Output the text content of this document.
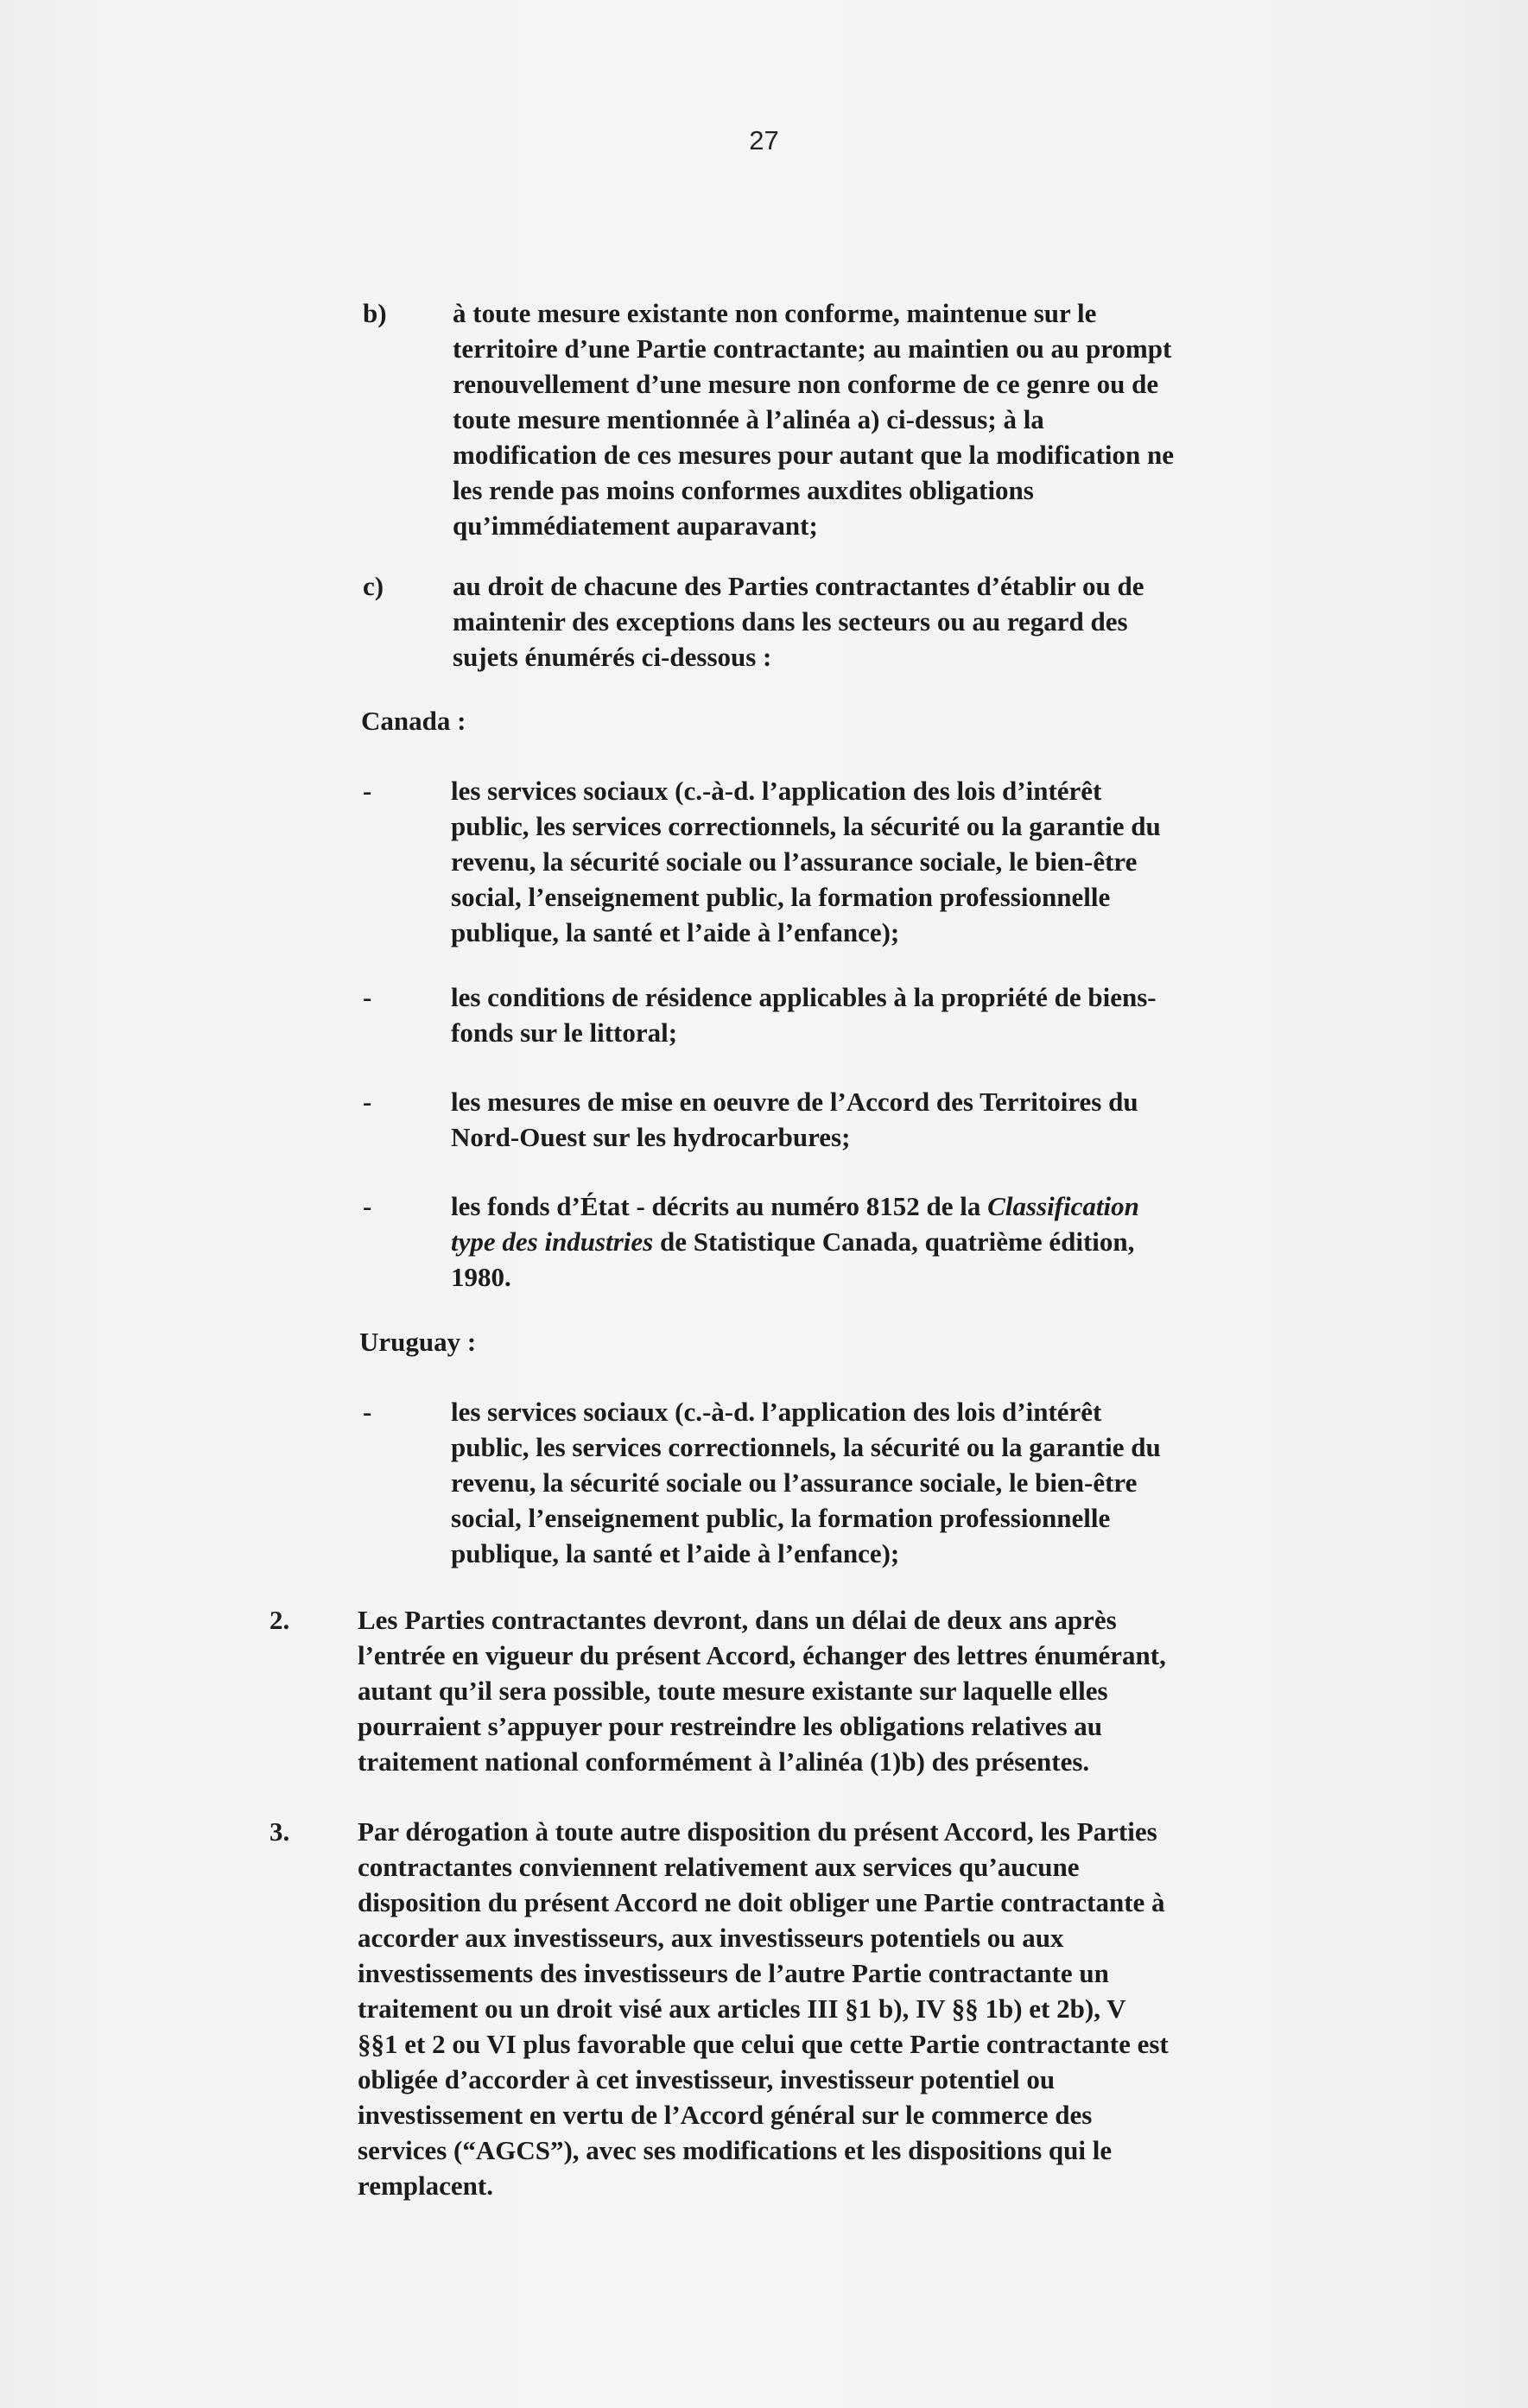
27
b) à toute mesure existante non conforme, maintenue sur le
territoire d’une Partie contractante; au maintien ou au prompt
renouvellement d’une mesure non conforme de ce genre ou de
toute mesure mentionnée à l’alinéa a) ci-dessus; à la
modification de ces mesures pour autant que la modification ne
les rende pas moins conformes auxdites obligations
qu’immédiatement auparavant;
c)	au droit de chacune des Parties contractantes d’établir ou de
maintenir des exceptions dans les secteurs ou au regard des
sujets énumérés ci-dessous :
Canada :
-	les services sociaux (c.-à-d. l’application des lois d’intérêt
public, les services correctionnels, la sécurité ou la garantie du
revenu, la sécurité sociale ou l’assurance sociale, le bien-être
social, l’enseignement public, la formation professionnelle
publique, la santé et l’aide à l’enfance);
-	les conditions de résidence applicables à la propriété de biens-
fonds sur le littoral;
-	les mesures de mise en oeuvre de l’Accord des Territoires du
Nord-Ouest sur les hydrocarbures;
-	les fonds d’État - décrits au numéro 8152 de la Classification
type des industries de Statistique Canada, quatrième édition,
1980.
Uruguay :
-	les services sociaux (c.-à-d. l’application des lois d’intérêt
public, les services correctionnels, la sécurité ou la garantie du
revenu, la sécurité sociale ou l’assurance sociale, le bien-être
social, l’enseignement public, la formation professionnelle
publique, la santé et l’aide à l’enfance);
2.	Les Parties contractantes devront, dans un délai de deux ans après
l’entrée en vigueur du présent Accord, échanger des lettres énumérant,
autant qu’il sera possible, toute mesure existante sur laquelle elles
pourraient s’appuyer pour restreindre les obligations relatives au
traitement national conformément à l’alinéa (1)b) des présentes.
3.	Par dérogation à toute autre disposition du présent Accord, les Parties
contractantes conviennent relativement aux services qu’aucune
disposition du présent Accord ne doit obliger une Partie contractante à
accorder aux investisseurs, aux investisseurs potentiels ou aux
investissements des investisseurs de l’autre Partie contractante un
traitement ou un droit visé aux articles III §1 b), IV §§ 1b) et 2b), V
§§1 et 2 ou VI plus favorable que celui que cette Partie contractante est
obligée d’accorder à cet investisseur, investisseur potentiel ou
investissement en vertu de l’Accord général sur le commerce des
services (“AGCS”), avec ses modifications et les dispositions qui le
remplacent.
